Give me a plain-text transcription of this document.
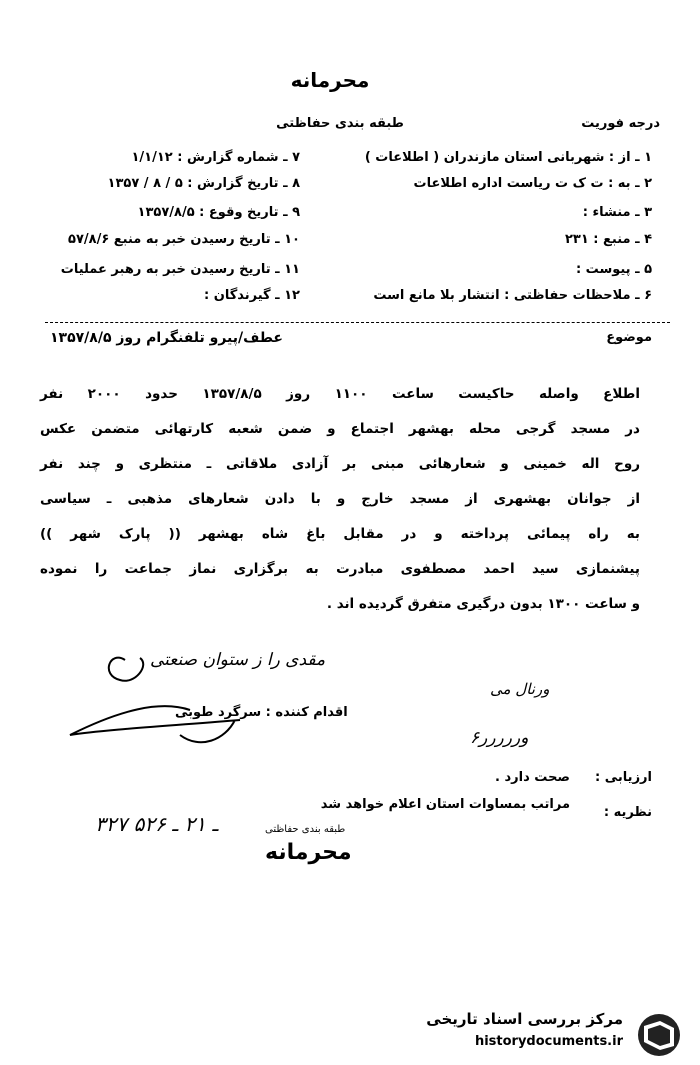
محرمانه
طبقه بندی حفاظتی	درجه فوریت
۱ ـ از : شهربانی استان مازندران ( اطلاعات )
۲ ـ به : ت ک ت ریاست اداره اطلاعات
۳ ـ منشاء :
۴ ـ منبع : ۲۳۱
۵ ـ پیوست :
۶ ـ ملاحظات حفاظتی : انتشار بلا مانع است
۷ ـ شماره گزارش : ۱/۱/۱۲
۸ ـ تاریخ گزارش : ۵ / ۸ / ۱۳۵۷
۹ ـ تاریخ وقوع : ۱۳۵۷/۸/۵
۱۰ ـ تاریخ رسیدن خبر به منبع ۵۷/۸/۶
۱۱ ـ تاریخ رسیدن خبر به رهبر عملیات
۱۲ ـ گیرندگان :
موضوع
عطف/پیرو تلفنگرام روز ۱۳۵۷/۸/۵
اطلاع واصله حاکیست ساعت ۱۱۰۰ روز ۱۳۵۷/۸/۵ حدود ۲۰۰۰ نفر
در مسجد گرجی محله بهشهر اجتماع و ضمن شعبه کارتهائی متضمن عکس
روح اله خمینی و شعارهائی مبنی بر آزادی ملاقاتی ـ منتظری و چند نفر
از جوانان بهشهری از مسجد خارج و با دادن شعارهای مذهبی ـ سیاسی
به راه پیمائی پرداخته و در مقابل باغ شاه بهشهر (( پارک شهر ))
پیشنمازی سید احمد مصطفوی مبادرت به برگزاری نماز جماعت را نموده
و ساعت ۱۳۰۰ بدون درگیری متفرق گردیده اند .
مقدی را ز ستوان صنعتی
اقدام کننده : سرگرد طوبی
ورنال می
وررررر۶
ارزیابی :
صحت دارد .
نظریه :
مراتب بمساوات استان اعلام خواهد شد
۳۲۷ ـ ۲۱ ـ ۵۲۶	طبقه بندی حفاظتی
محرمانه
مرکز بررسی اسناد تاریخی
historydocuments.ir
